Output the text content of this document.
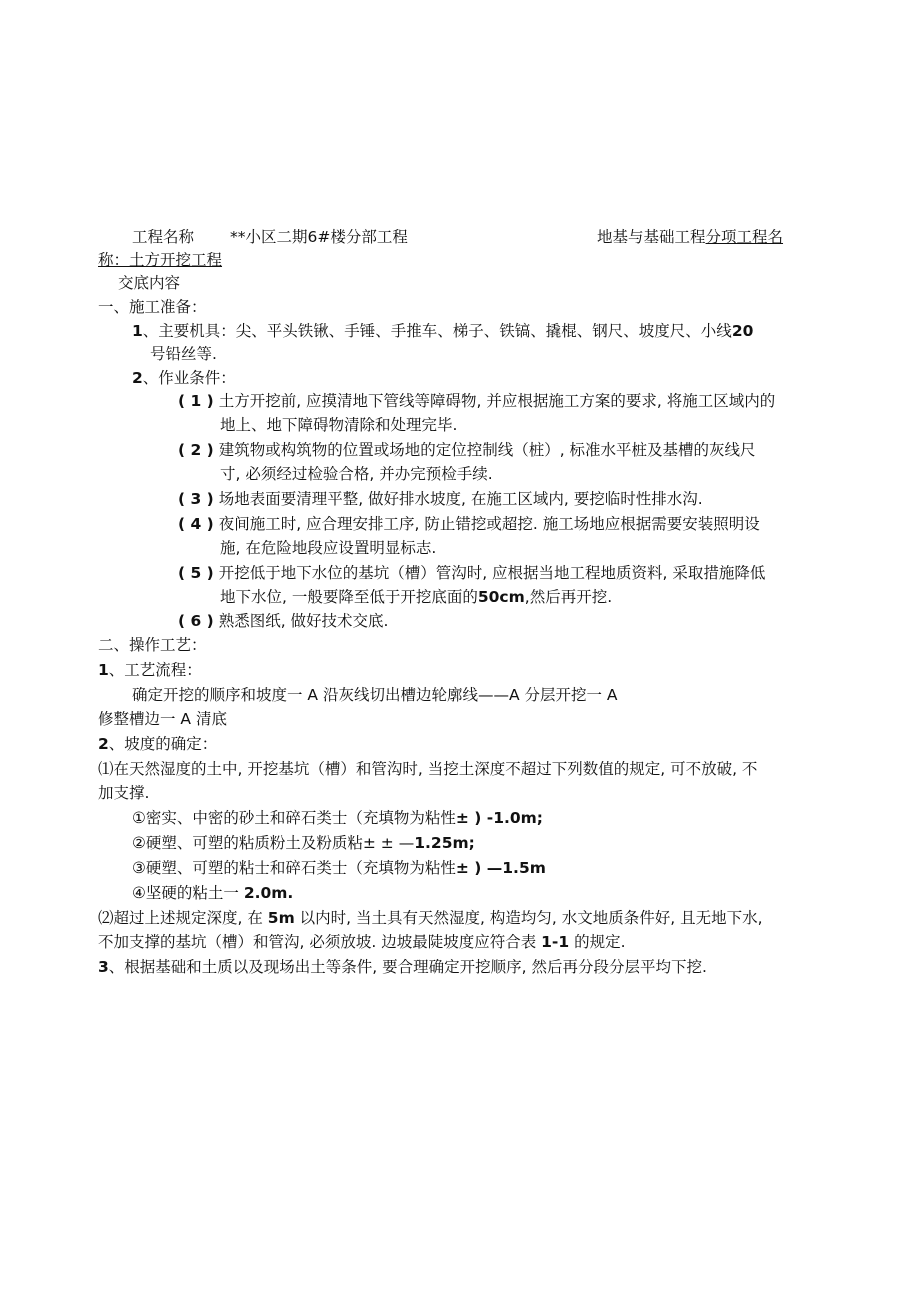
工程名称 **小区二期6#楼分部工程	地基与基础工程分项工程名
称：土方开挖工程
交底内容
一、施工准备：
1、主要机具：尖、平头铁锹、手锤、手推车、梯子、铁镐、撬棍、钢尺、坡度尺、小线20
号铅丝等.
2、作业条件：
( 1 ) 土方开挖前, 应摸清地下管线等障碍物, 并应根据施工方案的要求, 将施工区域内的
地上、地下障碍物清除和处理完毕.
( 2 ) 建筑物或构筑物的位置或场地的定位控制线（桩）, 标准水平桩及基槽的灰线尺
寸, 必须经过检验合格, 并办完预检手续.
( 3 ) 场地表面要清理平整, 做好排水坡度, 在施工区域内, 要挖临时性排水沟.
( 4 ) 夜间施工时, 应合理安排工序, 防止错挖或超挖. 施工场地应根据需要安装照明设
施, 在危险地段应设置明显标志.
( 5 ) 开挖低于地下水位的基坑（槽）管沟时, 应根据当地工程地质资料, 采取措施降低
地下水位, 一般要降至低于开挖底面的50cm,然后再开挖.
( 6 ) 熟悉图纸, 做好技术交底.
二、操作工艺：
1、工艺流程：
确定开挖的顺序和坡度一 A 沿灰线切出槽边轮廓线——A 分层开挖一 A
修整槽边一 A 清底
2、坡度的确定：
⑴在天然湿度的土中, 开挖基坑（槽）和管沟时, 当挖土深度不超过下列数值的规定, 可不放破, 不
加支撑.
①密实、中密的砂土和碎石类士（充填物为粘性± ) -1.0m;
②硬塑、可塑的粘质粉土及粉质粘± ± —1.25m;
③硬塑、可塑的粘士和碎石类士（充填物为粘性± ) —1.5m
④坚硬的粘土一 2.0m.
⑵超过上述规定深度, 在 5m 以内时, 当土具有天然湿度, 构造均匀, 水文地质条件好, 且无地下水,
不加支撑的基坑（槽）和管沟, 必须放坡. 边坡最陡坡度应符合表 1-1 的规定.
3、根据基础和土质以及现场出土等条件, 要合理确定开挖顺序, 然后再分段分层平均下挖.
